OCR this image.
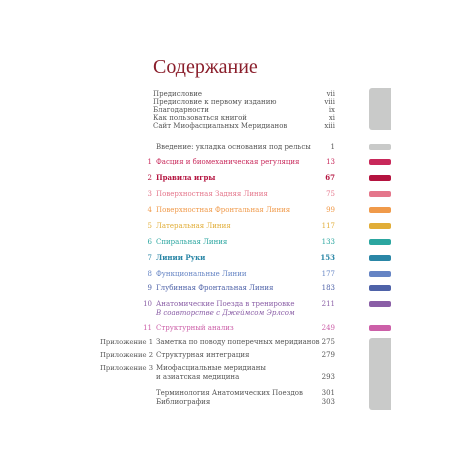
Содержание
Предисловие	vii
Предисловие к первому изданию	viii
Благодарности	ix
Как пользоваться книгой	xi
Сайт Миофасциальных Меридианов	xiii
Введение: укладка основания под рельсы	1
1 Фасция и биомеханическая регуляция	13
2 Правила игры	67
3 Поверхностная Задняя Линия	75
4 Поверхностная Фронтальная Линия	99
5 Латеральная Линия	117
6 Спиральная Линия	133
7 Линии Руки	153
8 Функциональные Линии	177
9 Глубинная Фронтальная Линия	183
10 Анатомические Поезда в тренировке	211
В соавторстве с Джеймсом Эрлсом
11 Структурный анализ	249
Приложение 1 Заметка по поводу поперечных меридианов 275
Приложение 2 Структурная интеграция	279
Приложение 3 Миофасциальные меридианы
и азиатская медицина	293
Терминология Анатомических Поездов	301
Библиография	303
